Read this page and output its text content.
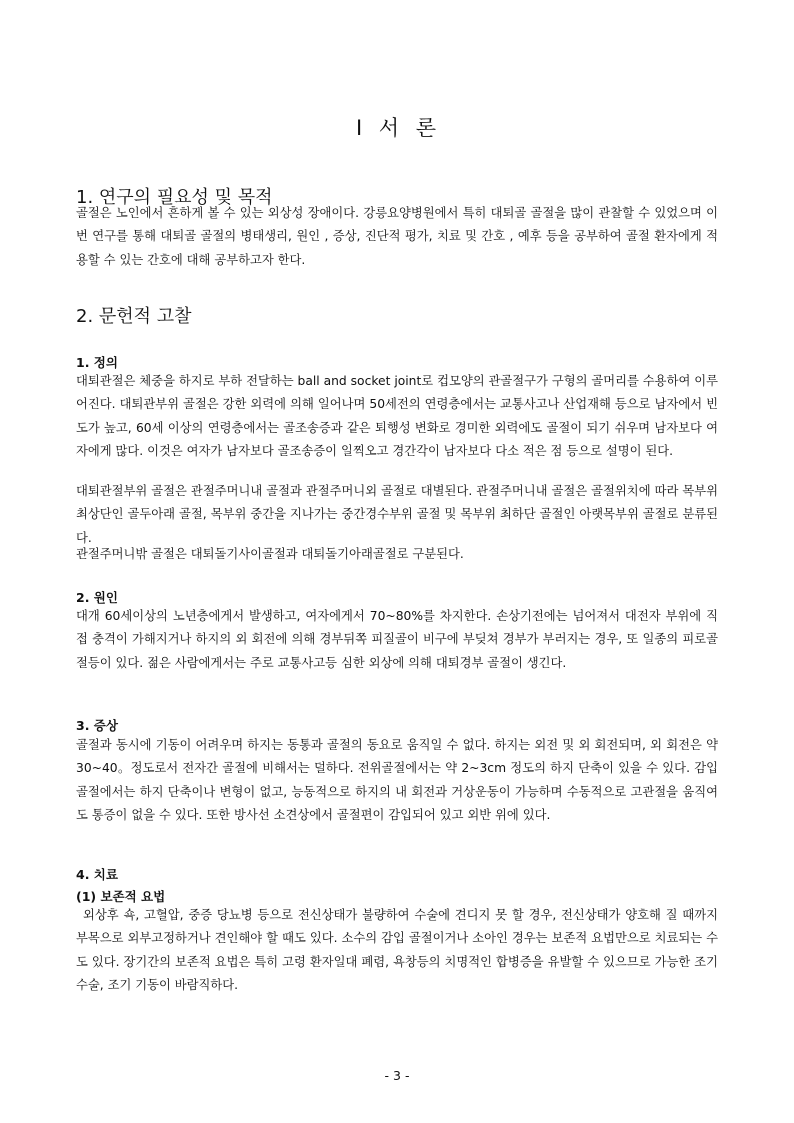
Ⅰ 서 론
1. 연구의 필요성 및 목적

골절은 노인에서 흔하게 볼 수 있는 외상성 장애이다. 강릉요양병원에서 특히 대퇴골 골절을 많이 관찰할 수 있었으며 이번 연구를 통해 대퇴골 골절의 병태생리, 원인 , 증상, 진단적 평가, 치료 및 간호 , 예후 등을 공부하여 골절 환자에게 적용할 수 있는 간호에 대해 공부하고자 한다.

2. 문헌적 고찰
1. 정의

대퇴관절은 체중을 하지로 부하 전달하는 ball and socket joint로 컵모양의 관골절구가 구형의 골머리를 수용하여 이루어진다. 대퇴관부위 골절은 강한 외력에 의해 일어나며 50세전의 연령층에서는 교통사고나 산업재해 등으로 남자에서 빈도가 높고, 60세 이상의 연령층에서는 골조송증과 같은 퇴행성 변화로 경미한 외력에도 골절이 되기 쉬우며 남자보다 여자에게 많다. 이것은 여자가 남자보다 골조송증이 일찍오고 경간각이 남자보다 다소 적은 점 등으로 설명이 된다.

대퇴관절부위 골절은 관절주머니내 골절과 관절주머니외 골절로 대별된다. 관절주머니내 골절은 골절위치에 따라 목부위 최상단인 골두아래 골절, 목부위 중간을 지나가는 중간경수부위 골절 및 목부위 최하단 골절인 아랫목부위 골절로 분류된다.

관절주머니밖 골절은 대퇴돌기사이골절과 대퇴돌기아래골절로 구분된다.

2. 원인

대개 60세이상의 노년층에게서 발생하고, 여자에게서 70~80%를 차지한다. 손상기전에는 넘어져서 대전자 부위에 직접 충격이 가해지거나 하지의 외 회전에 의해 경부뒤쪽 피질골이 비구에 부딪쳐 경부가 부러지는 경우, 또 일종의 피로골절등이 있다. 젊은 사람에게서는 주로 교통사고등 심한 외상에 의해 대퇴경부 골절이 생긴다.

3. 증상

골절과 동시에 기동이 어려우며 하지는 동통과 골절의 동요로 움직일 수 없다. 하지는 외전 및 외 회전되며, 외 회전은 약 30~40。정도로서 전자간 골절에 비해서는 덜하다. 전위골절에서는 약 2~3cm 정도의 하지 단축이 있을 수 있다. 감입 골절에서는 하지 단축이나 변형이 없고, 능동적으로 하지의 내 회전과 거상운동이 가능하며 수동적으로 고관절을 움직여도 통증이 없을 수 있다. 또한 방사선 소견상에서 골절편이 감입되어 있고 외반 위에 있다.

4. 치료
(1) 보존적 요법

외상후 쇽, 고혈압, 중증 당뇨병 등으로 전신상태가 불량하여 수술에 견디지 못 할 경우, 전신상태가 양호해 질 때까지 부목으로 외부고정하거나 견인해야 할 때도 있다. 소수의 감입 골절이거나 소아인 경우는 보존적 요법만으로 치료되는 수도 있다. 장기간의 보존적 요법은 특히 고령 환자일대 폐렴, 욕창등의 치명적인 합병증을 유발할 수 있으므로 가능한 조기 수술, 조기 기동이 바람직하다.

- 3 -
